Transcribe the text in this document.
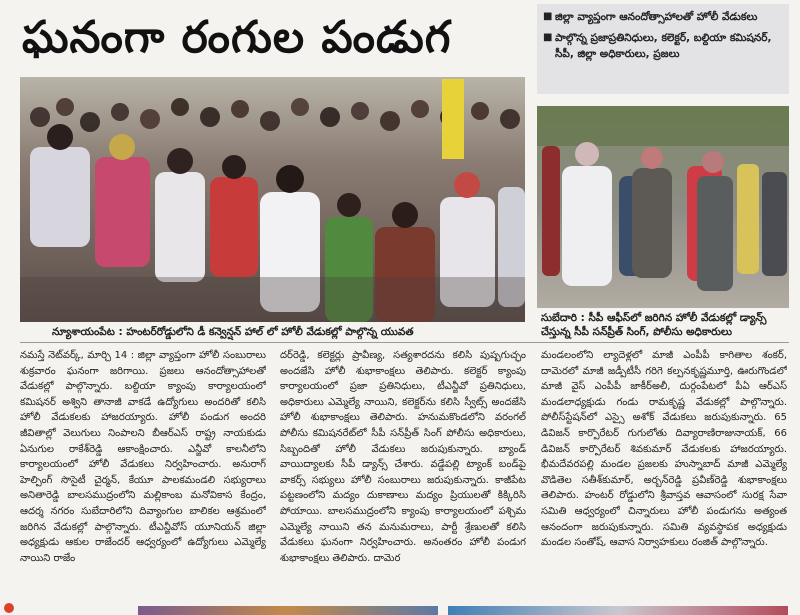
ఘనంగా రంగుల పండుగ	■ జిల్లా వ్యాప్తంగా ఆనందోత్సాహాలతో హోలీ వేడుకలు
■ పాల్గొన్న ప్రజాప్రతినిధులు, కలెక్టర్, బల్దియా కమిషనర్, సీపీ, జిల్లా అధికారులు, ప్రజలు
న్యూశాయంపేట : హంటర్‌రోడ్డులోని డీ కన్వెన్షన్ హాల్ లో హోలీ వేడుకల్లో పాల్గొన్న యువత
సుబేదారి : సీపీ ఆఫీస్‌లో జరిగిన హోలీ వేడుకల్లో డ్యాన్స్ చేస్తున్న సీపీ సన్‌ప్రీత్ సింగ్, పోలీసు అధికారులు
నమస్తే నెట్‌వర్క్, మార్చి 14 : జిల్లా వ్యాప్తంగా హోలీ సంబురాలు శుక్రవారం ఘనంగా జరిగాయి. ప్రజలు ఆనందోత్సాహాలతో వేడుకల్లో పాల్గొన్నారు. బల్దియా క్యాంపు కార్యాలయంలో కమిషనర్ అశ్విని తానాజీ వాకడే ఉద్యోగులు అందరితో కలిసి హోలీ వేడుకలకు హాజరయ్యారు. హోలీ పండుగ అందరి జీవితాల్లో వెలుగులు నింపాలని బీఆర్‌ఎస్ రాష్ట్ర నాయకుడు ఏనుగుల రాకేశ్‌రెడ్డి ఆకాంక్షించారు. ఎన్జీవో కాలనీలోని కార్యాలయంలో హోలీ వేడుకలు నిర్వహించారు. అనురాగ్ హెల్పింగ్ సొసైటీ చైర్మన్, కేయూ పాలకమండలి సభ్యురాలు అనితారెడ్డి బాలసముద్రంలోని మల్లికాంబ మనోవికాస కేంద్రం, ఆదర్శ నగరం సుబేదారిలోని దివ్యాంగుల బాలికల ఆశ్రమంలో జరిగిన వేడుకల్లో పాల్గొన్నారు. టీఎన్జీవోస్ యూనియన్ జిల్లా అధ్యక్షుడు ఆకుల రాజేందర్ ఆధ్వర్యంలో ఉద్యోగులు ఎమ్మెల్యే నాయిని రాజేం
దర్‌రెడ్డి, కలెక్టర్లు ప్రావీణ్య, సత్యశారదను కలిసి పుష్పగుచ్ఛం అందజేసి హోలీ శుభాకాంక్షలు తెలిపారు. కలెక్టర్ క్యాంపు కార్యాలయంలో ప్రజా ప్రతినిధులు, టీఎన్జీవో ప్రతినిధులు, అధికారులు ఎమ్మెల్యే నాయిని, కలెక్టర్‌ను కలిసి స్వీట్స్ అందజేసి హోలీ శుభాకాంక్షలు తెలిపారు. హనుమకొండలోని వరంగల్ పోలీసు కమిషనరేట్‌లో సీపీ సన్‌ప్రీత్ సింగ్ పోలీసు అధికారులు, సిబ్బందితో హోలీ వేడుకలు జరుపుకున్నారు. బ్యాండ్ వాయిద్యాలకు సీపీ డ్యాన్స్ చేశారు. వడ్డేపల్లి ట్యాంక్ బండ్‌పై వాకర్స్ సభ్యులు హోలీ సంబురాలు జరుపుకున్నారు. కాజీపేట పట్టణంలోని మద్యం దుకాణాలు మద్యం ప్రియులతో కిక్కిరిసి పోయాయి. బాలసముద్రంలోని క్యాంపు కార్యాలయంలో పశ్చిమ ఎమ్మెల్యే నాయిని తన మనుమరాలు, పార్టీ శ్రేణులతో కలిసి వేడుకలు ఘనంగా నిర్వహించారు. అనంతరం హోలీ పండుగ శుభాకాంక్షలు తెలిపారు. దామెర
మండలంలోని ల్యాదెళ్లలో మాజీ ఎంపీపీ కాగితాల శంకర్, దామెరలో మాజీ జడ్పీటీసీ గరిగె కల్పనకృష్ణమూర్తి, ఊరుగొండలో మాజీ వైస్ ఎంపీపీ జాకీర్‌అలీ, దుర్గంపేటలో పీఏ ఆర్‌ఎస్ మండలాధ్యక్షుడు గండు రామకృష్ణ వేడుకల్లో పాల్గొన్నారు. పోలీస్‌స్టేషన్‌లో ఎస్సై అశోక్ వేడుకలు జరుపుకున్నారు. 65 డివిజన్ కార్పొరేటర్ గుగులోతు దివ్యారాణిరాజునాయక్, 66 డివిజన్ కార్పొరేటర్ శివకుమార్ వేడుకలకు హాజరయ్యారు. భీమదేవరపల్లి మండల ప్రజలకు హుస్నాబాద్ మాజీ ఎమ్మెల్యే వొడితెల సతీశ్‌కుమార్, అర్బన్‌రెడ్డి ప్రవీణ్‌రెడ్డి శుభాకాంక్షలు తెలిపారు. హంటర్ రోడ్డులోని శ్రీవాస్తవ ఆవాసంలో సురక్ష సేవా సమితి ఆధ్వర్యంలో చిన్నారులు హోలీ పండుగను అత్యంత ఆనందంగా జరుపుకున్నారు. సమితి వ్యవస్థాపక అధ్యక్షుడు మండల సంతోష్, ఆవాస నిర్వాహకులు రంజిత్ పాల్గొన్నారు.
